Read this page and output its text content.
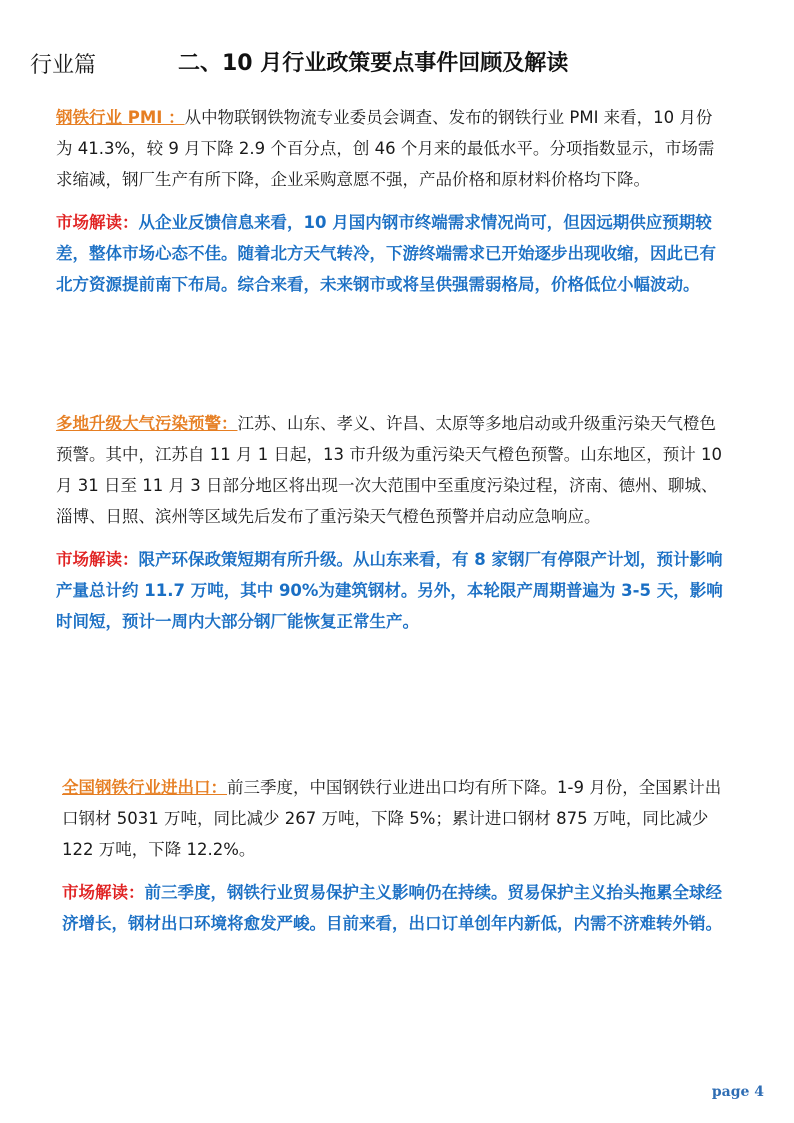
行业篇	二、10 月行业政策要点事件回顾及解读

钢铁行业 PMI ：从中物联钢铁物流专业委员会调查、发布的钢铁行业 PMI 来看，10 月份为 41.3%，较 9 月下降 2.9 个百分点，创 46 个月来的最低水平。分项指数显示，市场需求缩减，钢厂生产有所下降，企业采购意愿不强，产品价格和原材料价格均下降。

市场解读：从企业反馈信息来看，10 月国内钢市终端需求情况尚可，但因远期供应预期较差，整体市场心态不佳。随着北方天气转冷，下游终端需求已开始逐步出现收缩，因此已有北方资源提前南下布局。综合来看，未来钢市或将呈供强需弱格局，价格低位小幅波动。

多地升级大气污染预警：江苏、山东、孝义、许昌、太原等多地启动或升级重污染天气橙色预警。其中，江苏自 11 月 1 日起，13 市升级为重污染天气橙色预警。山东地区，预计 10 月 31 日至 11 月 3 日部分地区将出现一次大范围中至重度污染过程，济南、德州、聊城、淄博、日照、滨州等区域先后发布了重污染天气橙色预警并启动应急响应。

市场解读：限产环保政策短期有所升级。从山东来看，有 8 家钢厂有停限产计划，预计影响产量总计约 11.7 万吨，其中 90%为建筑钢材。另外，本轮限产周期普遍为 3-5 天，影响时间短，预计一周内大部分钢厂能恢复正常生产。

全国钢铁行业进出口：前三季度，中国钢铁行业进出口均有所下降。1-9 月份，全国累计出口钢材 5031 万吨，同比减少 267 万吨，下降 5%；累计进口钢材 875 万吨，同比减少 122 万吨，下降 12.2%。

市场解读：前三季度，钢铁行业贸易保护主义影响仍在持续。贸易保护主义抬头拖累全球经济增长，钢材出口环境将愈发严峻。目前来看，出口订单创年内新低，内需不济难转外销。

page 4
